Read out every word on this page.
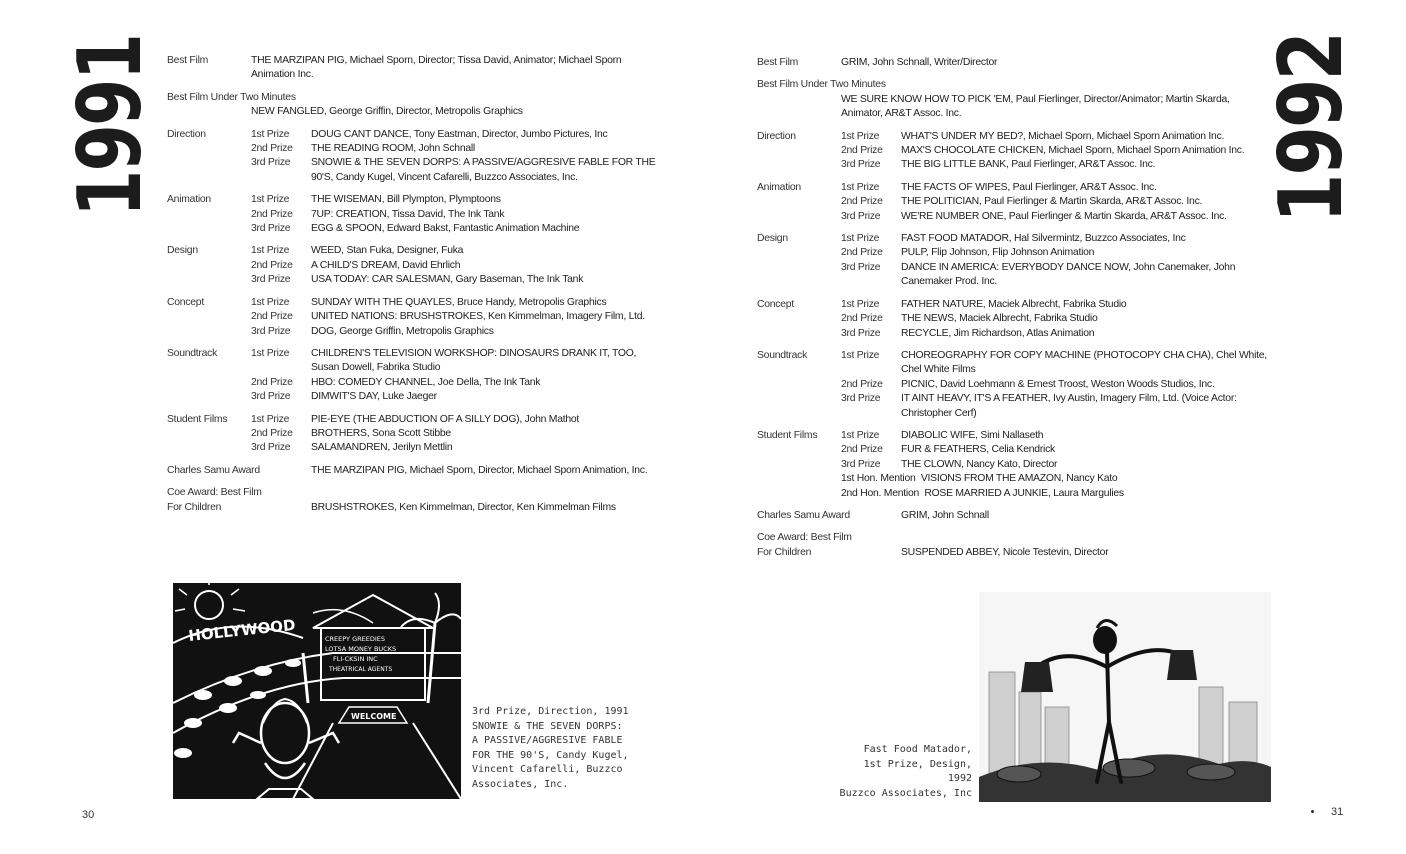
1991 Best Film	THE MARZIPAN PIG, Michael Sporn, Director; Tissa David, Animator; Michael Sporn Animation Inc.
Best Film Under Two Minutes
NEW FANGLED, George Griffin, Director, Metropolis Graphics
Direction	1st Prize	DOUG CANT DANCE, Tony Eastman, Director, Jumbo Pictures, Inc
2nd Prize	THE READING ROOM, John Schnall
3rd Prize	SNOWIE & THE SEVEN DORPS: A PASSIVE/AGGRESIVE FABLE FOR THE 90'S, Candy Kugel, Vincent Cafarelli, Buzzco Associates, Inc.
Animation	1st Prize	THE WISEMAN, Bill Plympton, Plymptoons
2nd Prize	7UP: CREATION, Tissa David, The Ink Tank
3rd Prize	EGG & SPOON, Edward Bakst, Fantastic Animation Machine
Design	1st Prize	WEED, Stan Fuka, Designer, Fuka
2nd Prize	A CHILD'S DREAM, David Ehrlich
3rd Prize	USA TODAY: CAR SALESMAN, Gary Baseman, The Ink Tank
Concept	1st Prize	SUNDAY WITH THE QUAYLES, Bruce Handy, Metropolis Graphics
2nd Prize	UNITED NATIONS: BRUSHSTROKES, Ken Kimmelman, Imagery Film, Ltd.
3rd Prize	DOG, George Griffin, Metropolis Graphics
Soundtrack	1st Prize	CHILDREN'S TELEVISION WORKSHOP: DINOSAURS DRANK IT, TOO, Susan Dowell, Fabrika Studio
2nd Prize	HBO: COMEDY CHANNEL, Joe Della, The Ink Tank
3rd Prize	DIMWIT'S DAY, Luke Jaeger
Student Films	1st Prize	PIE-EYE (THE ABDUCTION OF A SILLY DOG), John Mathot
2nd Prize	BROTHERS, Sona Scott Stibbe
3rd Prize	SALAMANDREN, Jerilyn Mettlin
Charles Samu Award	THE MARZIPAN PIG, Michael Sporn, Director, Michael Sporn Animation, Inc.
Coe Award: Best Film For Children	BRUSHSTROKES, Ken Kimmelman, Director, Ken Kimmelman Films
HOLLYWOOD	CREEPY GREEDIES
LOTSA MONEY BUCKS
FLI-CKSIN INC
THEATRICAL AGENTS
WELCOME	3rd Prize, Direction, 1991
SNOWIE & THE SEVEN DORPS:
A PASSIVE/AGGRESIVE FABLE
FOR THE 90'S, Candy Kugel,
Vincent Cafarelli, Buzzco
Associates, Inc.
30
Best Film	GRIM, John Schnall, Writer/Director
Best Film Under Two Minutes
WE SURE KNOW HOW TO PICK 'EM, Paul Fierlinger, Director/Animator; Martin Skarda, Animator, AR&T Assoc. Inc.
Direction	1st Prize	WHAT'S UNDER MY BED?, Michael Sporn, Michael Sporn Animation Inc.
2nd Prize	MAX'S CHOCOLATE CHICKEN, Michael Sporn, Michael Sporn Animation Inc.
3rd Prize	THE BIG LITTLE BANK, Paul Fierlinger, AR&T Assoc. Inc.
Animation	1st Prize	THE FACTS OF WIPES, Paul Fierlinger, AR&T Assoc. Inc.
2nd Prize	THE POLITICIAN, Paul Fierlinger & Martin Skarda, AR&T Assoc. Inc.
3rd Prize	WE'RE NUMBER ONE, Paul Fierlinger & Martin Skarda, AR&T Assoc. Inc.
Design	1st Prize	FAST FOOD MATADOR, Hal Silvermintz, Buzzco Associates, Inc
2nd Prize	PULP, Flip Johnson, Flip Johnson Animation
3rd Prize	DANCE IN AMERICA: EVERYBODY DANCE NOW, John Canemaker, John Canemaker Prod. Inc.
Concept	1st Prize	FATHER NATURE, Maciek Albrecht, Fabrika Studio
2nd Prize	THE NEWS, Maciek Albrecht, Fabrika Studio
3rd Prize	RECYCLE, Jim Richardson, Atlas Animation
Soundtrack	1st Prize	CHOREOGRAPHY FOR COPY MACHINE (PHOTOCOPY CHA CHA), Chel White, Chel White Films
2nd Prize	PICNIC, David Loehmann & Ernest Troost, Weston Woods Studios, Inc.
3rd Prize	IT AINT HEAVY, IT'S A FEATHER, Ivy Austin, Imagery Film, Ltd. (Voice Actor: Christopher Cerf)
Student Films	1st Prize	DIABOLIC WIFE, Simi Nallaseth
2nd Prize	FUR & FEATHERS, Celia Kendrick
3rd Prize	THE CLOWN, Nancy Kato, Director
1st Hon. Mention VISIONS FROM THE AMAZON, Nancy Kato
2nd Hon. Mention ROSE MARRIED A JUNKIE, Laura Margulies
Charles Samu Award	GRIM, John Schnall
Coe Award: Best Film For Children	SUSPENDED ABBEY, Nicole Testevin, Director
Fast Food Matador,
1st Prize, Design, 1992
Buzzco Associates, Inc
1992
31
